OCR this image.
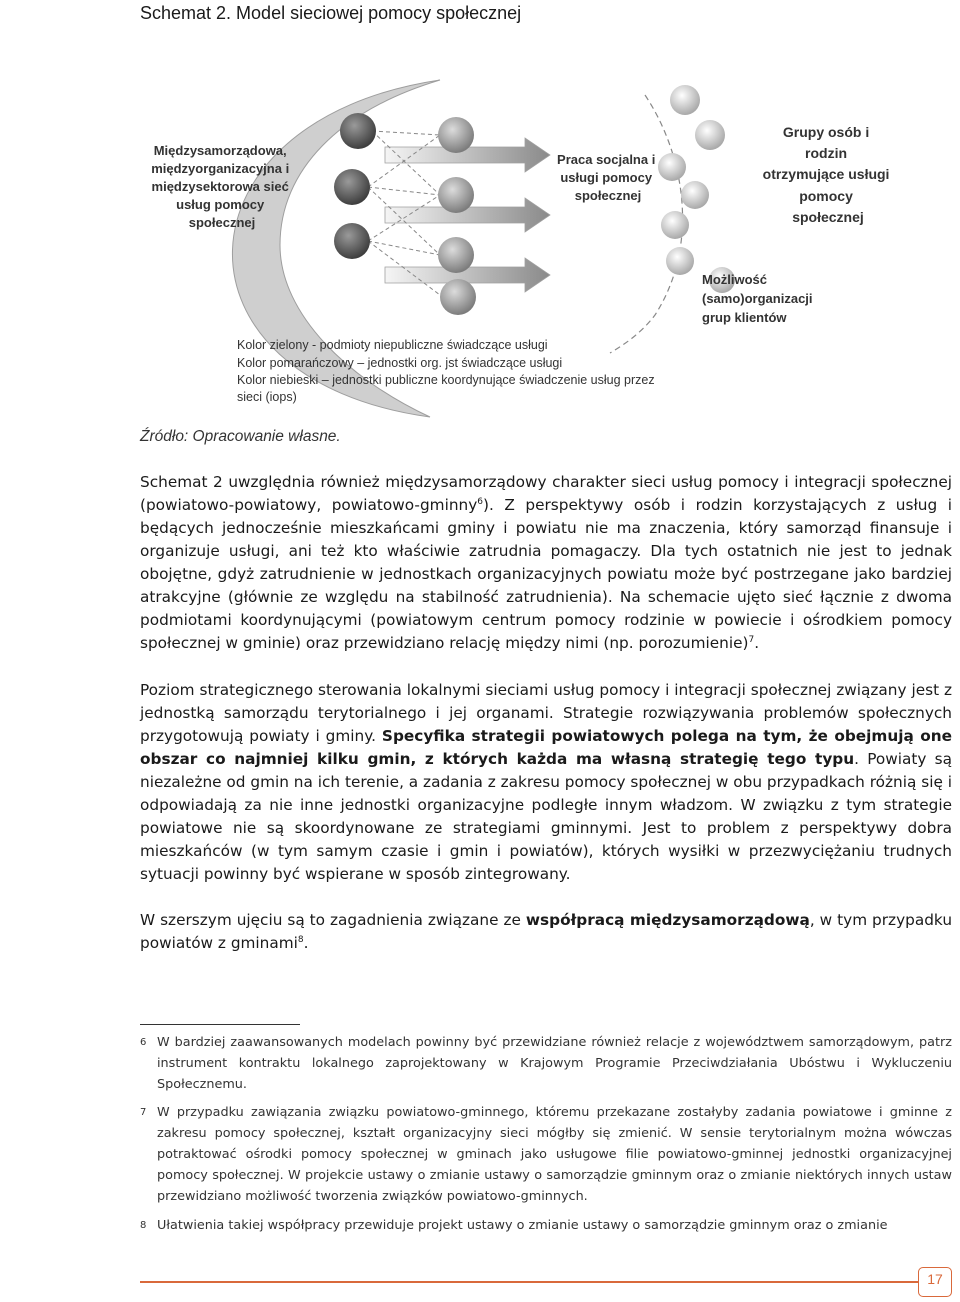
Schemat 2. Model sieciowej pomocy społecznej
Międzysamorządowa, międzyorganizacyjna i międzysektorowa sieć usług pomocy społecznej
Praca socjalna i usługi pomocy społecznej
Grupy osób i rodzin otrzymujące usługi pomocy społecznej
Możliwość (samo)organizacji grup klientów
Kolor zielony - podmioty niepubliczne świadczące usługi Kolor pomarańczowy – jednostki org. jst świadczące usługi Kolor niebieski – jednostki publiczne koordynujące świadczenie usług przez sieci (iops)
Źródło: Opracowanie własne.

Schemat 2 uwzględnia również międzysamorządowy charakter sieci usług pomocy i integracji społecznej (powiatowo-powiatowy, powiatowo-gminny$^6$). Z perspektywy osób i rodzin korzystających z usług i będących jednocześnie mieszkańcami gminy i powiatu nie ma znaczenia, który samorząd finansuje i organizuje usługi, ani też kto właściwie zatrudnia pomagaczy. Dla tych ostatnich nie jest to jednak obojętne, gdyż zatrudnienie w jednostkach organizacyjnych powiatu może być postrzegane jako bardziej atrakcyjne (głównie ze względu na stabilność zatrudnienia). Na schemacie ujęto sieć łącznie z dwoma podmiotami koordynującymi (powiatowym centrum pomocy rodzinie w powiecie i ośrodkiem pomocy społecznej w gminie) oraz przewidziano relację między nimi (np. porozumienie)$^7$.

Poziom strategicznego sterowania lokalnymi sieciami usług pomocy i integracji społecznej związany jest z jednostką samorządu terytorialnego i jej organami. Strategie rozwiązywania problemów społecznych przygotowują powiaty i gminy. Specyfika strategii powiatowych polega na tym, że obejmują one obszar co najmniej kilku gmin, z których każda ma własną strategię tego typu. Powiaty są niezależne od gmin na ich terenie, a zadania z zakresu pomocy społecznej w obu przypadkach różnią się i odpowiadają za nie inne jednostki organizacyjne podległe innym władzom. W związku z tym strategie powiatowe nie są skoordynowane ze strategiami gminnymi. Jest to problem z perspektywy dobra mieszkańców (w tym samym czasie i gmin i powiatów), których wysiłki w przezwyciężaniu trudnych sytuacji powinny być wspierane w sposób zintegrowany.

W szerszym ujęciu są to zagadnienia związane ze współpracą międzysamorządową, w tym przypadku powiatów z gminami$^8$.

6 W bardziej zaawansowanych modelach powinny być przewidziane również relacje z województwem samorządowym, patrz instrument kontraktu lokalnego zaprojektowany w Krajowym Programie Przeciwdziałania Ubóstwu i Wykluczeniu Społecznemu.
7 W przypadku zawiązania związku powiatowo-gminnego, któremu przekazane zostałyby zadania powiatowe i gminne z zakresu pomocy społecznej, kształt organizacyjny sieci mógłby się zmienić. W sensie terytorialnym można wówczas potraktować ośrodki pomocy społecznej w gminach jako usługowe filie powiatowo-gminnej jednostki organizacyjnej pomocy społecznej. W projekcie ustawy o zmianie ustawy o samorządzie gminnym oraz o zmianie niektórych innych ustaw przewidziano możliwość tworzenia związków powiatowo-gminnych.
8 Ułatwienia takiej współpracy przewiduje projekt ustawy o zmianie ustawy o samorządzie gminnym oraz o zmianie
17
